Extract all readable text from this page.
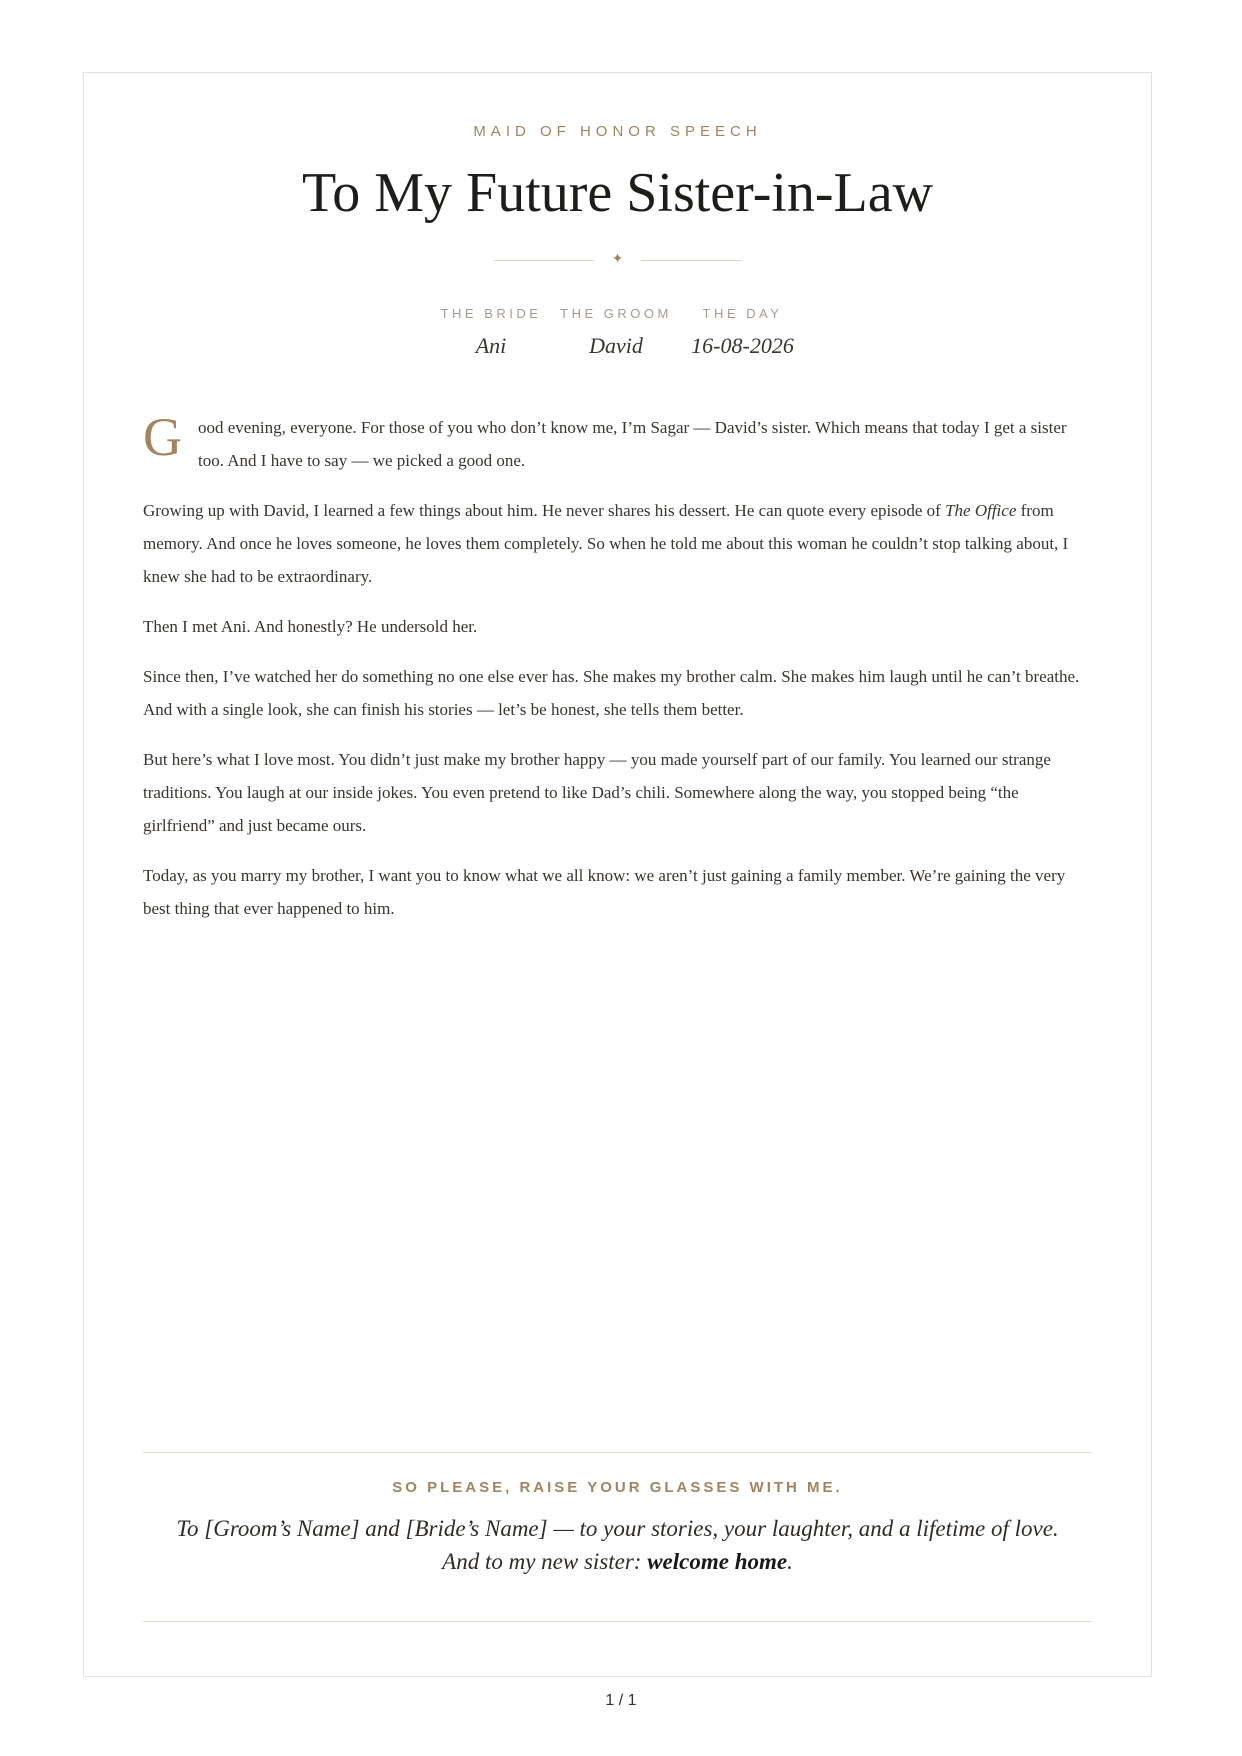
MAID OF HONOR SPEECH
To My Future Sister-in-Law
✦
THE BRIDE
Ani
THE GROOM
David
THE DAY
16-08-2026

G ood evening, everyone. For those of you who don’t know me, I’m Sagar — David’s sister. Which means that today I get a sister too. And I have to say — we picked a good one.

Growing up with David, I learned a few things about him. He never shares his dessert. He can quote every episode of The Office from memory. And once he loves someone, he loves them completely. So when he told me about this woman he couldn’t stop talking about, I knew she had to be extraordinary.

Then I met Ani. And honestly? He undersold her.

Since then, I’ve watched her do something no one else ever has. She makes my brother calm. She makes him laugh until he can’t breathe. And with a single look, she can finish his stories — let’s be honest, she tells them better.

But here’s what I love most. You didn’t just make my brother happy — you made yourself part of our family. You learned our strange traditions. You laugh at our inside jokes. You even pretend to like Dad’s chili. Somewhere along the way, you stopped being “the girlfriend” and just became ours.

Today, as you marry my brother, I want you to know what we all know: we aren’t just gaining a family member. We’re gaining the very best thing that ever happened to him.

SO PLEASE, RAISE YOUR GLASSES WITH ME.
To [Groom’s Name] and [Bride’s Name] — to your stories, your laughter, and a lifetime of love.
And to my new sister: welcome home.
1 / 1
